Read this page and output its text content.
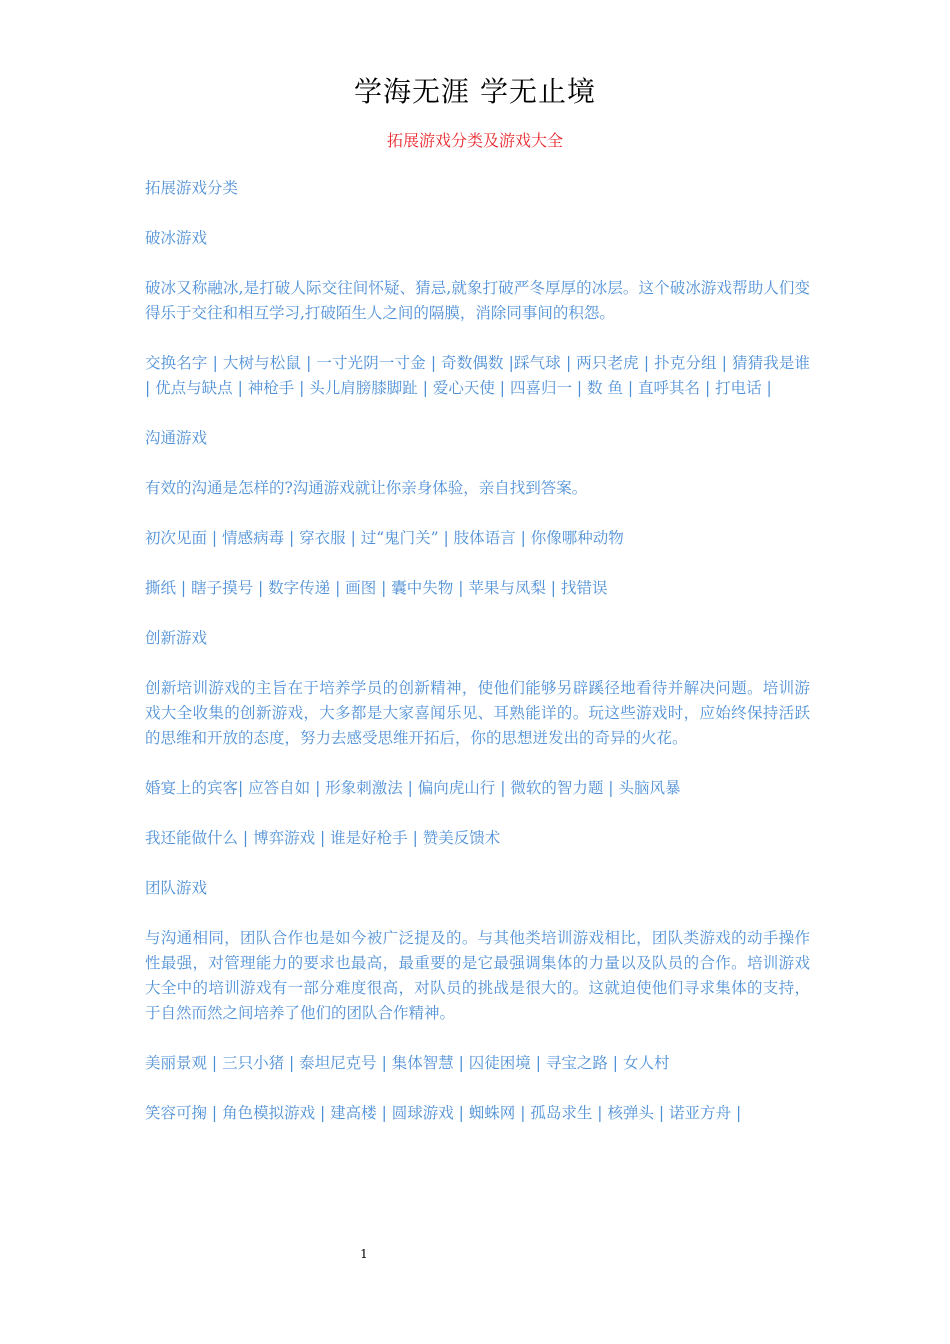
学海无涯 学无止境
拓展游戏分类及游戏大全

拓展游戏分类

破冰游戏

破冰又称融冰,是打破人际交往间怀疑、猜忌,就象打破严冬厚厚的冰层。这个破冰游戏帮助人们变得乐于交往和相互学习,打破陌生人之间的隔膜，消除同事间的积怨。

交换名字 | 大树与松鼠 | 一寸光阴一寸金 | 奇数偶数 |踩气球 | 两只老虎 | 扑克分组 | 猜猜我是谁 | 优点与缺点 | 神枪手 | 头儿肩膀膝脚趾 | 爱心天使 | 四喜归一 | 数 鱼 | 直呼其名 | 打电话 |

沟通游戏

有效的沟通是怎样的?沟通游戏就让你亲身体验，亲自找到答案。

初次见面 | 情感病毒 | 穿衣服 | 过“鬼门关” | 肢体语言 | 你像哪种动物

撕纸 | 瞎子摸号 | 数字传递 | 画图 | 囊中失物 | 苹果与凤梨 | 找错误

创新游戏

创新培训游戏的主旨在于培养学员的创新精神，使他们能够另辟蹊径地看待并解决问题。培训游戏大全收集的创新游戏，大多都是大家喜闻乐见、耳熟能详的。玩这些游戏时，应始终保持活跃的思维和开放的态度，努力去感受思维开拓后，你的思想迸发出的奇异的火花。

婚宴上的宾客| 应答自如 | 形象刺激法 | 偏向虎山行 | 微软的智力题 | 头脑风暴

我还能做什么 | 博弈游戏 | 谁是好枪手 | 赞美反馈术

团队游戏

与沟通相同，团队合作也是如今被广泛提及的。与其他类培训游戏相比，团队类游戏的动手操作性最强，对管理能力的要求也最高，最重要的是它最强调集体的力量以及队员的合作。培训游戏大全中的培训游戏有一部分难度很高，对队员的挑战是很大的。这就迫使他们寻求集体的支持，于自然而然之间培养了他们的团队合作精神。

美丽景观 | 三只小猪 | 泰坦尼克号 | 集体智慧 | 囚徒困境 | 寻宝之路 | 女人村

笑容可掬 | 角色模拟游戏 | 建高楼 | 圆球游戏 | 蜘蛛网 | 孤岛求生 | 核弹头 | 诺亚方舟 |

1
